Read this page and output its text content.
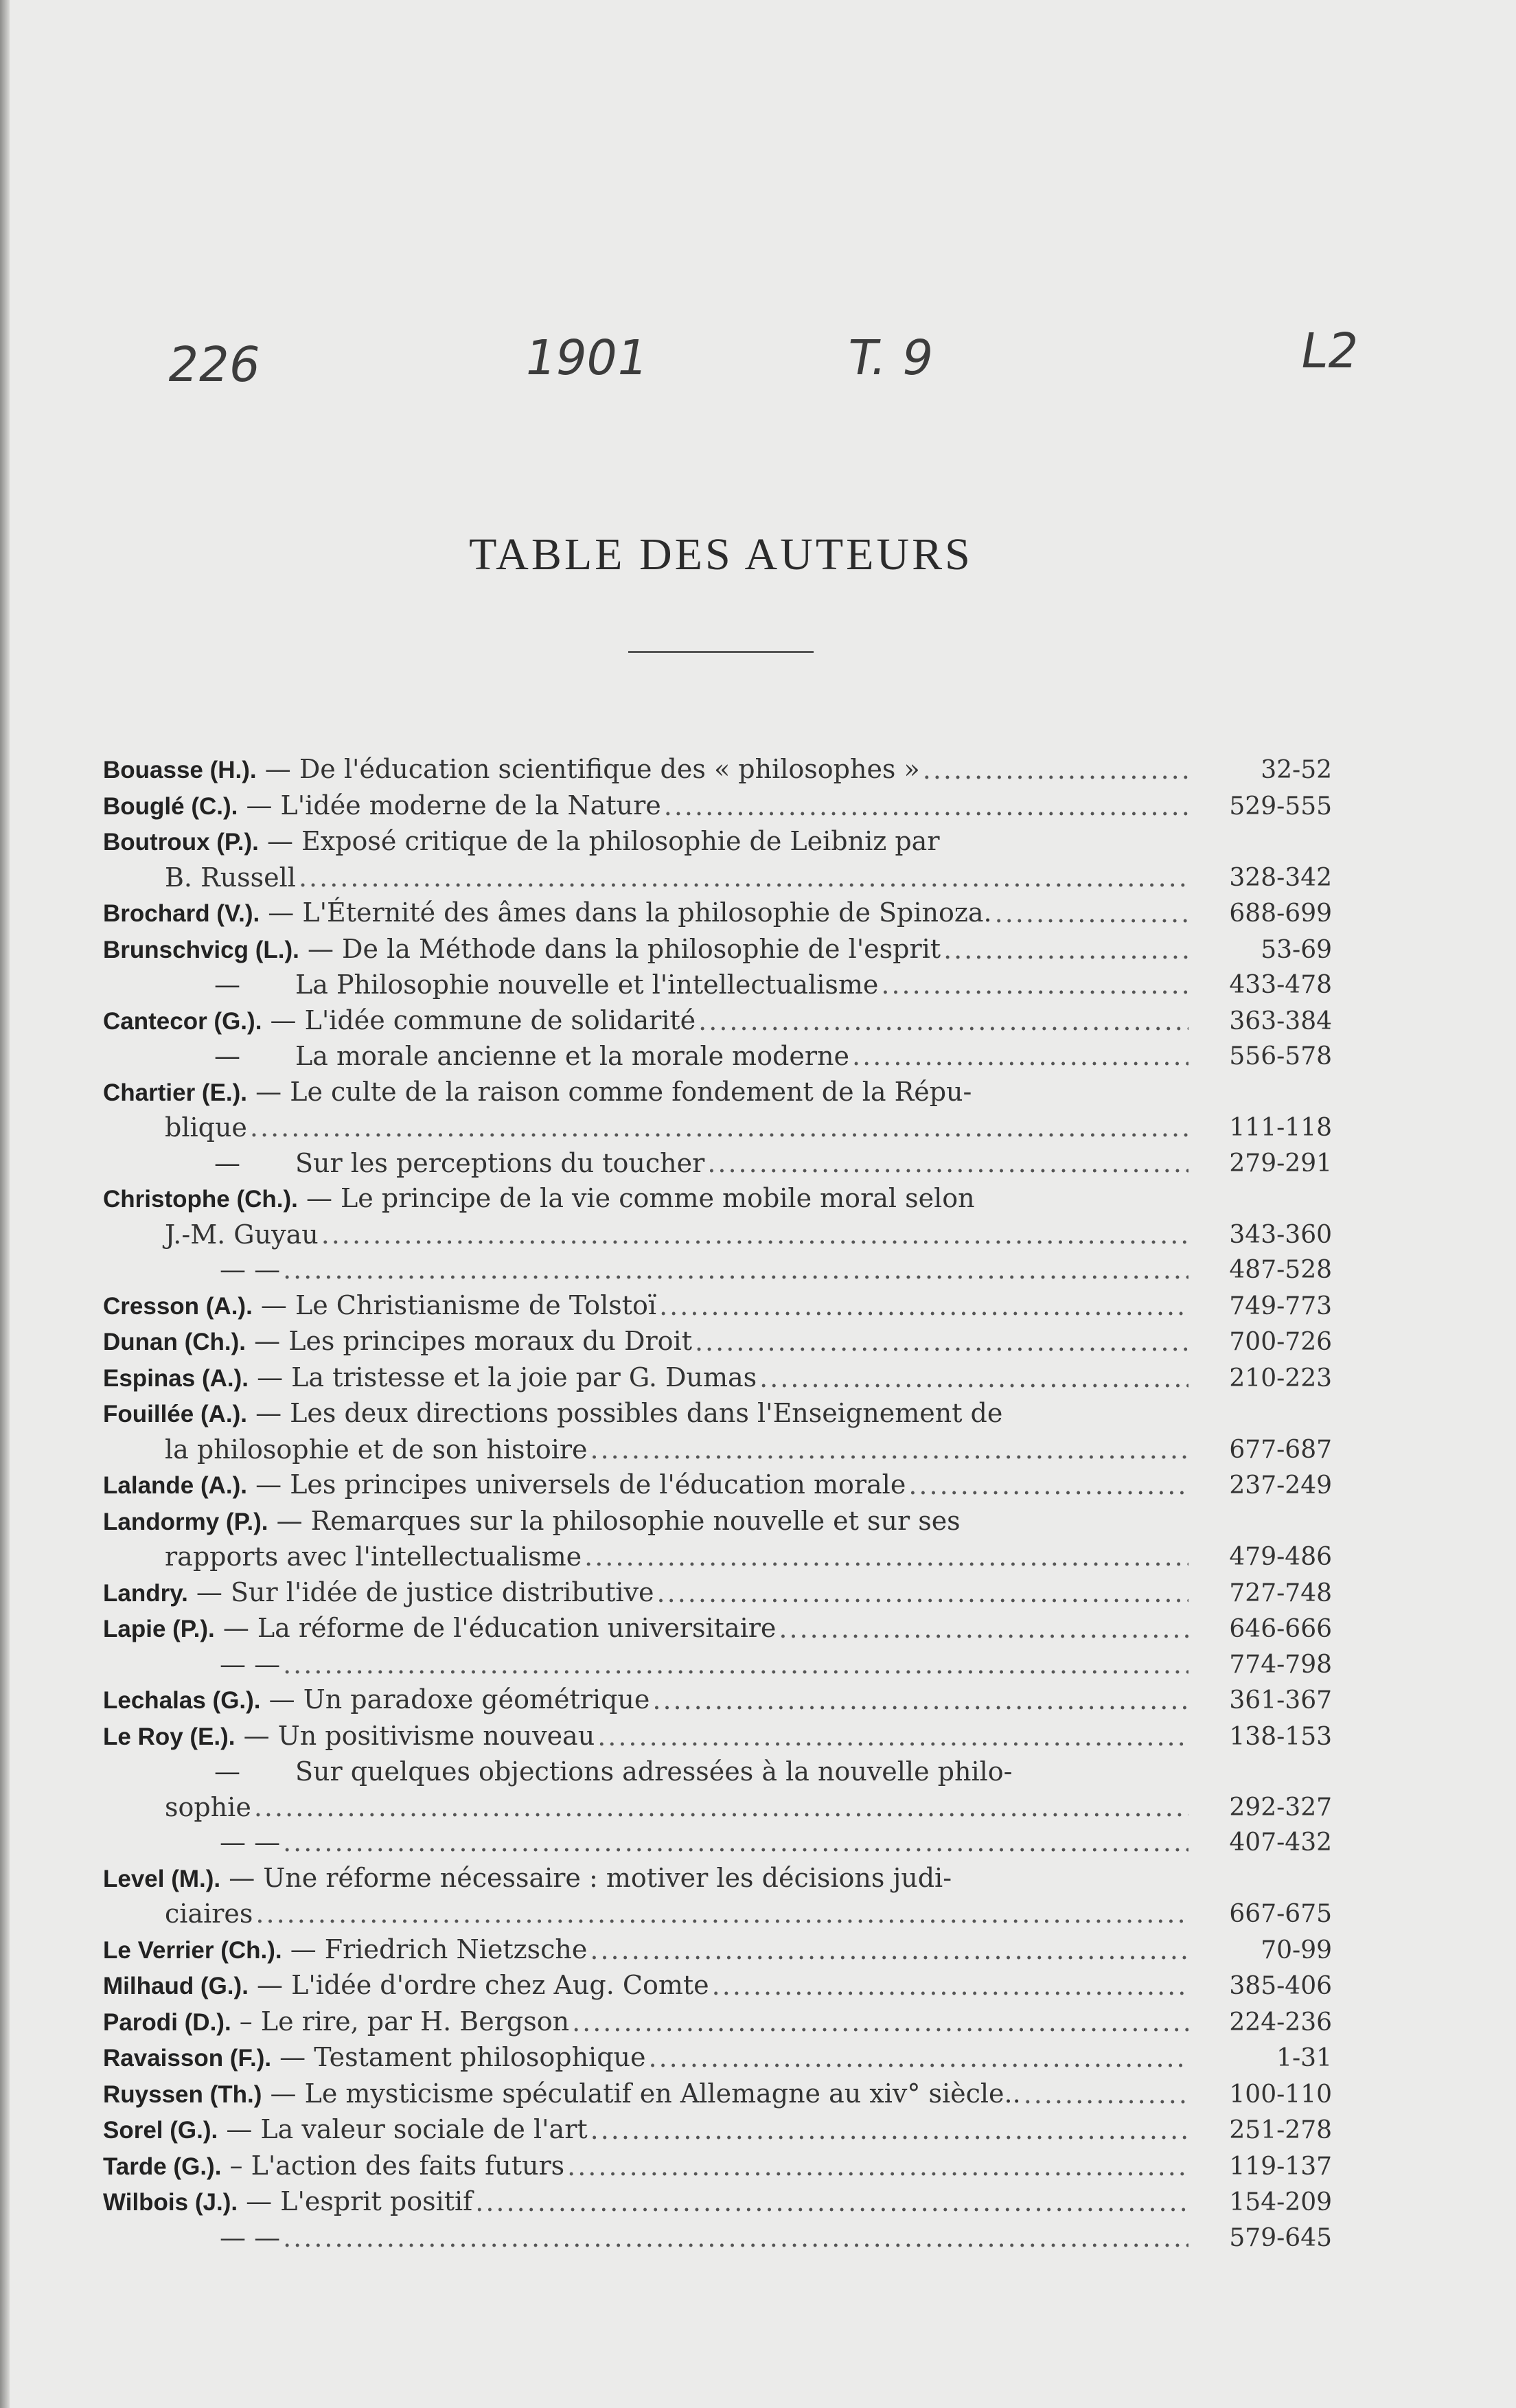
226	1901	T. 9	L2
TABLE DES AUTEURS
Bouasse (H.). — De l'éducation scientifique des « philosophes » .....	32-52
Bouglé (C.). — L'idée moderne de la Nature .....	529-555
Boutroux (P.). — Exposé critique de la philosophie de Leibniz par
B. Russell .....	328-342
Brochard (V.). — L'Éternité des âmes dans la philosophie de Spinoza. .....	688-699
Brunschvicg (L.). — De la Méthode dans la philosophie de l'esprit .....	53-69
— La Philosophie nouvelle et l'intellectualisme .....	433-478
Cantecor (G.). — L'idée commune de solidarité .....	363-384
— La morale ancienne et la morale moderne .....	556-578
Chartier (E.). — Le culte de la raison comme fondement de la Répu-
blique .....	111-118
— Sur les perceptions du toucher .....	279-291
Christophe (Ch.). — Le principe de la vie comme mobile moral selon
J.-M. Guyau .....	343-360
— — .....	487-528
Cresson (A.). — Le Christianisme de Tolstoï .....	749-773
Dunan (Ch.). — Les principes moraux du Droit .....	700-726
Espinas (A.). — La tristesse et la joie par G. Dumas .....	210-223
Fouillée (A.). — Les deux directions possibles dans l'Enseignement de
la philosophie et de son histoire .....	677-687
Lalande (A.). — Les principes universels de l'éducation morale .....	237-249
Landormy (P.). — Remarques sur la philosophie nouvelle et sur ses
rapports avec l'intellectualisme .....	479-486
Landry. — Sur l'idée de justice distributive .....	727-748
Lapie (P.). — La réforme de l'éducation universitaire .....	646-666
— — .....	774-798
Lechalas (G.). — Un paradoxe géométrique .....	361-367
Le Roy (E.). — Un positivisme nouveau .....	138-153
— Sur quelques objections adressées à la nouvelle philo-
sophie .....	292-327
— — .....	407-432
Level (M.). — Une réforme nécessaire : motiver les décisions judi-
ciaires .....	667-675
Le Verrier (Ch.). — Friedrich Nietzsche .....	70-99
Milhaud (G.). — L'idée d'ordre chez Aug. Comte .....	385-406
Parodi (D.). – Le rire, par H. Bergson .....	224-236
Ravaisson (F.). — Testament philosophique .....	1-31
Ruyssen (Th.) — Le mysticisme spéculatif en Allemagne au xiv° siècle.. .....	100-110
Sorel (G.). — La valeur sociale de l'art .....	251-278
Tarde (G.). – L'action des faits futurs .....	119-137
Wilbois (J.). — L'esprit positif .....	154-209
— — .....	579-645
